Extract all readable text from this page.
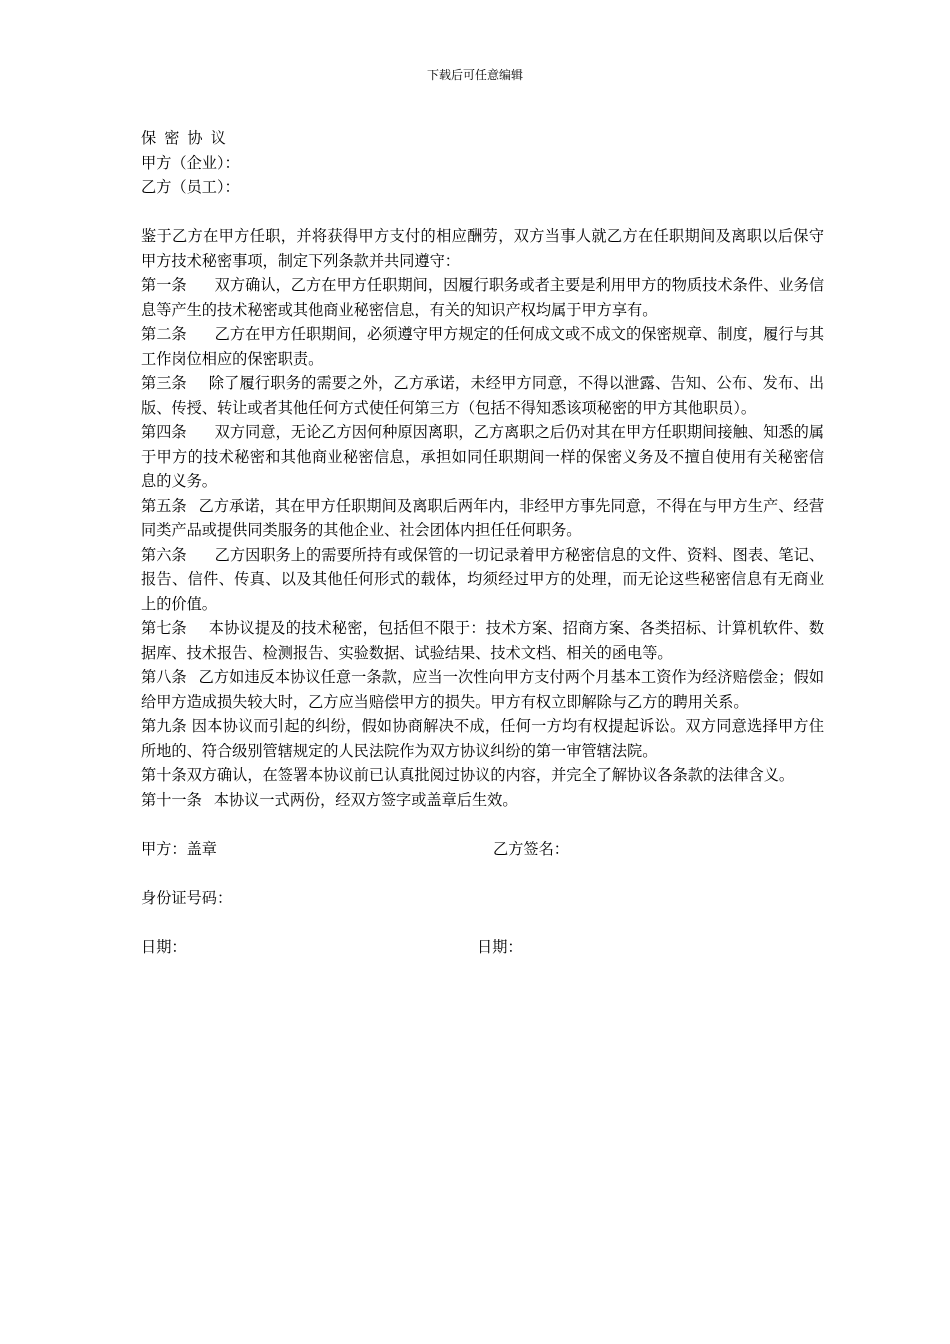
下载后可任意编辑

保密协议

甲方（企业）：

乙方（员工）：

鉴于乙方在甲方任职，并将获得甲方支付的相应酬劳，双方当事人就乙方在任职期间及离职以后保守甲方技术秘密事项，制定下列条款并共同遵守：

第一条 双方确认，乙方在甲方任职期间，因履行职务或者主要是利用甲方的物质技术条件、业务信息等产生的技术秘密或其他商业秘密信息，有关的知识产权均属于甲方享有。

第二条 乙方在甲方任职期间，必须遵守甲方规定的任何成文或不成文的保密规章、制度，履行与其工作岗位相应的保密职责。

第三条 除了履行职务的需要之外，乙方承诺，未经甲方同意，不得以泄露、告知、公布、发布、出版、传授、转让或者其他任何方式使任何第三方（包括不得知悉该项秘密的甲方其他职员）。

第四条 双方同意，无论乙方因何种原因离职，乙方离职之后仍对其在甲方任职期间接触、知悉的属于甲方的技术秘密和其他商业秘密信息，承担如同任职期间一样的保密义务及不擅自使用有关秘密信息的义务。

第五条 乙方承诺，其在甲方任职期间及离职后两年内，非经甲方事先同意，不得在与甲方生产、经营同类产品或提供同类服务的其他企业、社会团体内担任任何职务。

第六条 乙方因职务上的需要所持有或保管的一切记录着甲方秘密信息的文件、资料、图表、笔记、报告、信件、传真、以及其他任何形式的载体，均须经过甲方的处理，而无论这些秘密信息有无商业上的价值。

第七条 本协议提及的技术秘密，包括但不限于：技术方案、招商方案、各类招标、计算机软件、数据库、技术报告、检测报告、实验数据、试验结果、技术文档、相关的函电等。

第八条 乙方如违反本协议任意一条款，应当一次性向甲方支付两个月基本工资作为经济赔偿金；假如给甲方造成损失较大时，乙方应当赔偿甲方的损失。甲方有权立即解除与乙方的聘用关系。

第九条 因本协议而引起的纠纷，假如协商解决不成，任何一方均有权提起诉讼。双方同意选择甲方住所地的、符合级别管辖规定的人民法院作为双方协议纠纷的第一审管辖法院。

第十条双方确认，在签署本协议前已认真批阅过协议的内容，并完全了解协议各条款的法律含义。

第十一条 本协议一式两份，经双方签字或盖章后生效。

甲方：盖章	乙方签名：
身份证号码：
日期：	日期：
